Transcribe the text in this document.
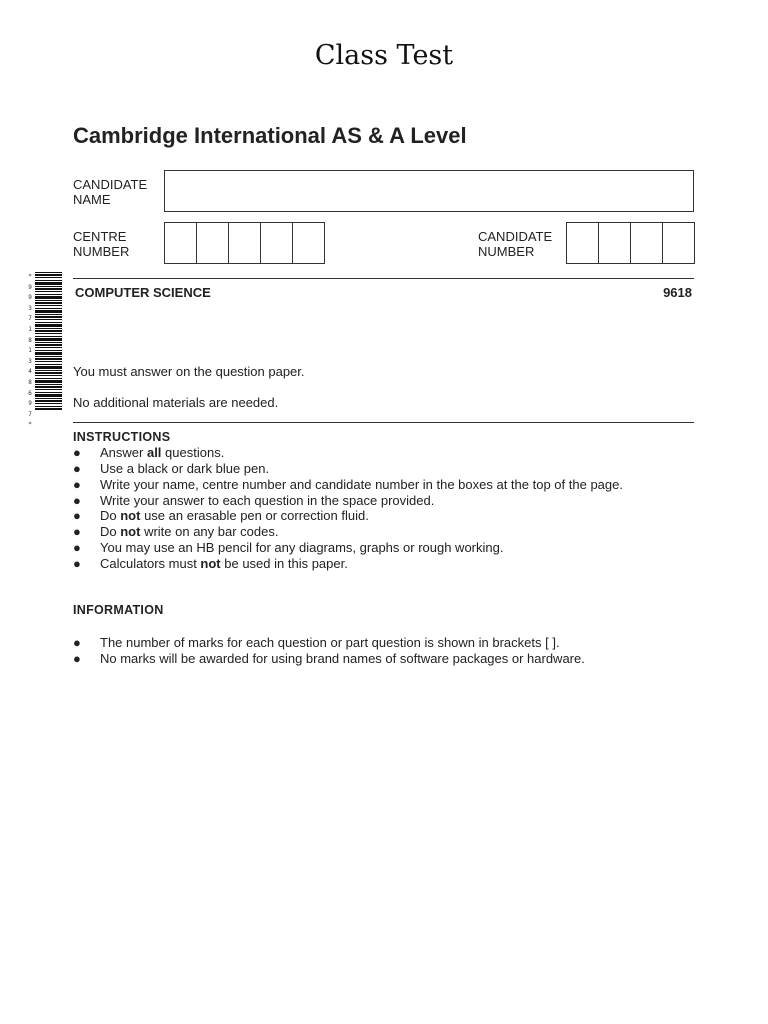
Class Test
Cambridge International AS & A Level
CANDIDATE
NAME
CENTRE
NUMBER
CANDIDATE
NUMBER
*
9
9
3
7
1
8
1
3
4
8
6
9
7
*
COMPUTER SCIENCE	9618
You must answer on the question paper.
No additional materials are needed.
INSTRUCTIONS
● Answer all questions.
● Use a black or dark blue pen.
● Write your name, centre number and candidate number in the boxes at the top of the page.
● Write your answer to each question in the space provided.
● Do not use an erasable pen or correction fluid.
● Do not write on any bar codes.
● You may use an HB pencil for any diagrams, graphs or rough working.
● Calculators must not be used in this paper.
INFORMATION
● The number of marks for each question or part question is shown in brackets [ ].
● No marks will be awarded for using brand names of software packages or hardware.
